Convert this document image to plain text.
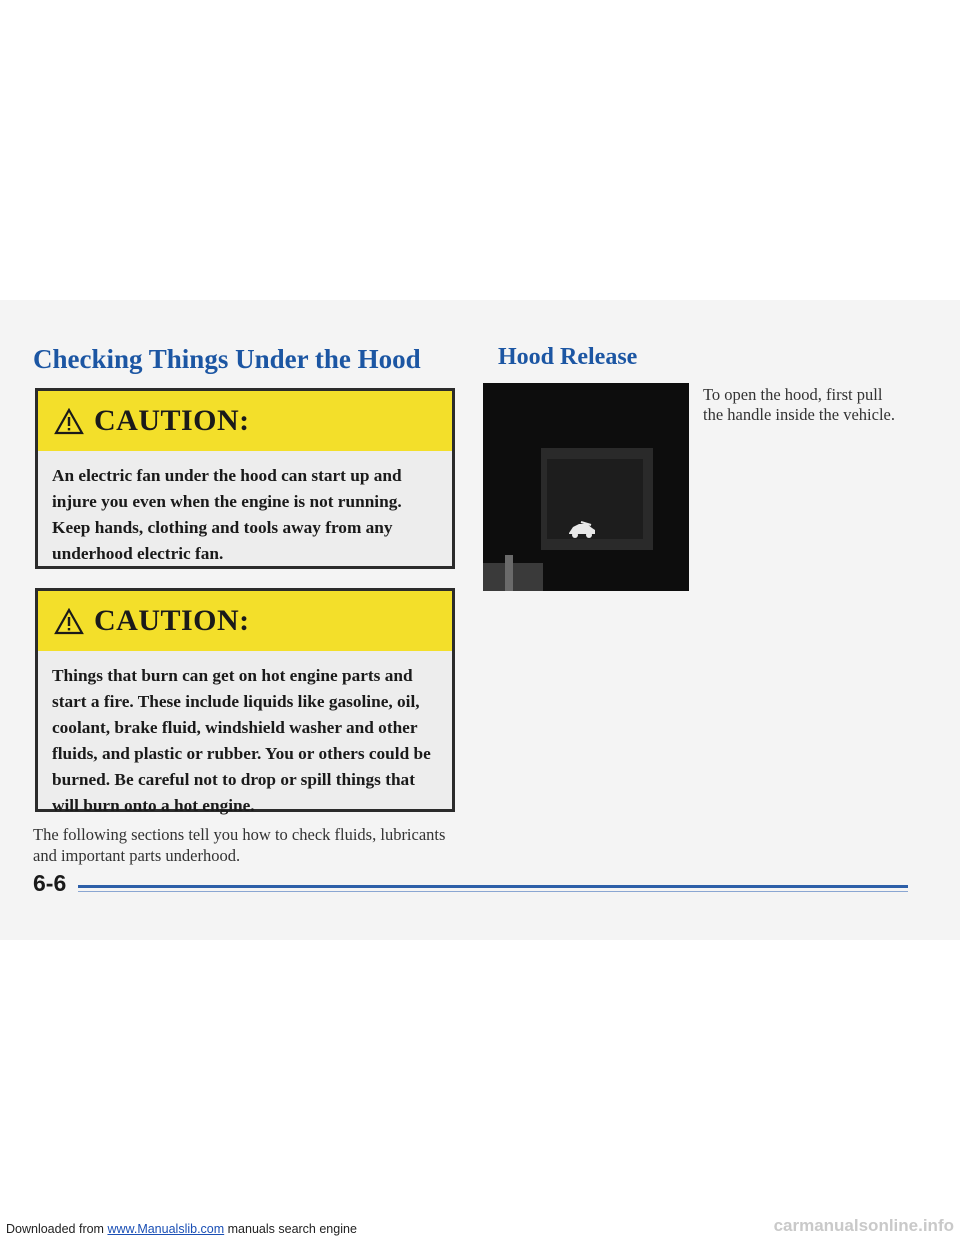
Checking Things Under the Hood	Hood Release
CAUTION:

An electric fan under the hood can start up and injure you even when the engine is not running. Keep hands, clothing and tools away from any underhood electric fan.

CAUTION:

Things that burn can get on hot engine parts and start a fire. These include liquids like gasoline, oil, coolant, brake fluid, windshield washer and other fluids, and plastic or rubber. You or others could be burned. Be careful not to drop or spill things that will burn onto a hot engine.

The following sections tell you how to check fluids, lubricants and important parts underhood.

To open the hood, first pull the handle inside the vehicle.

6-6
Downloaded from www.Manualslib.com manuals search engine	carmanualsonline.info
